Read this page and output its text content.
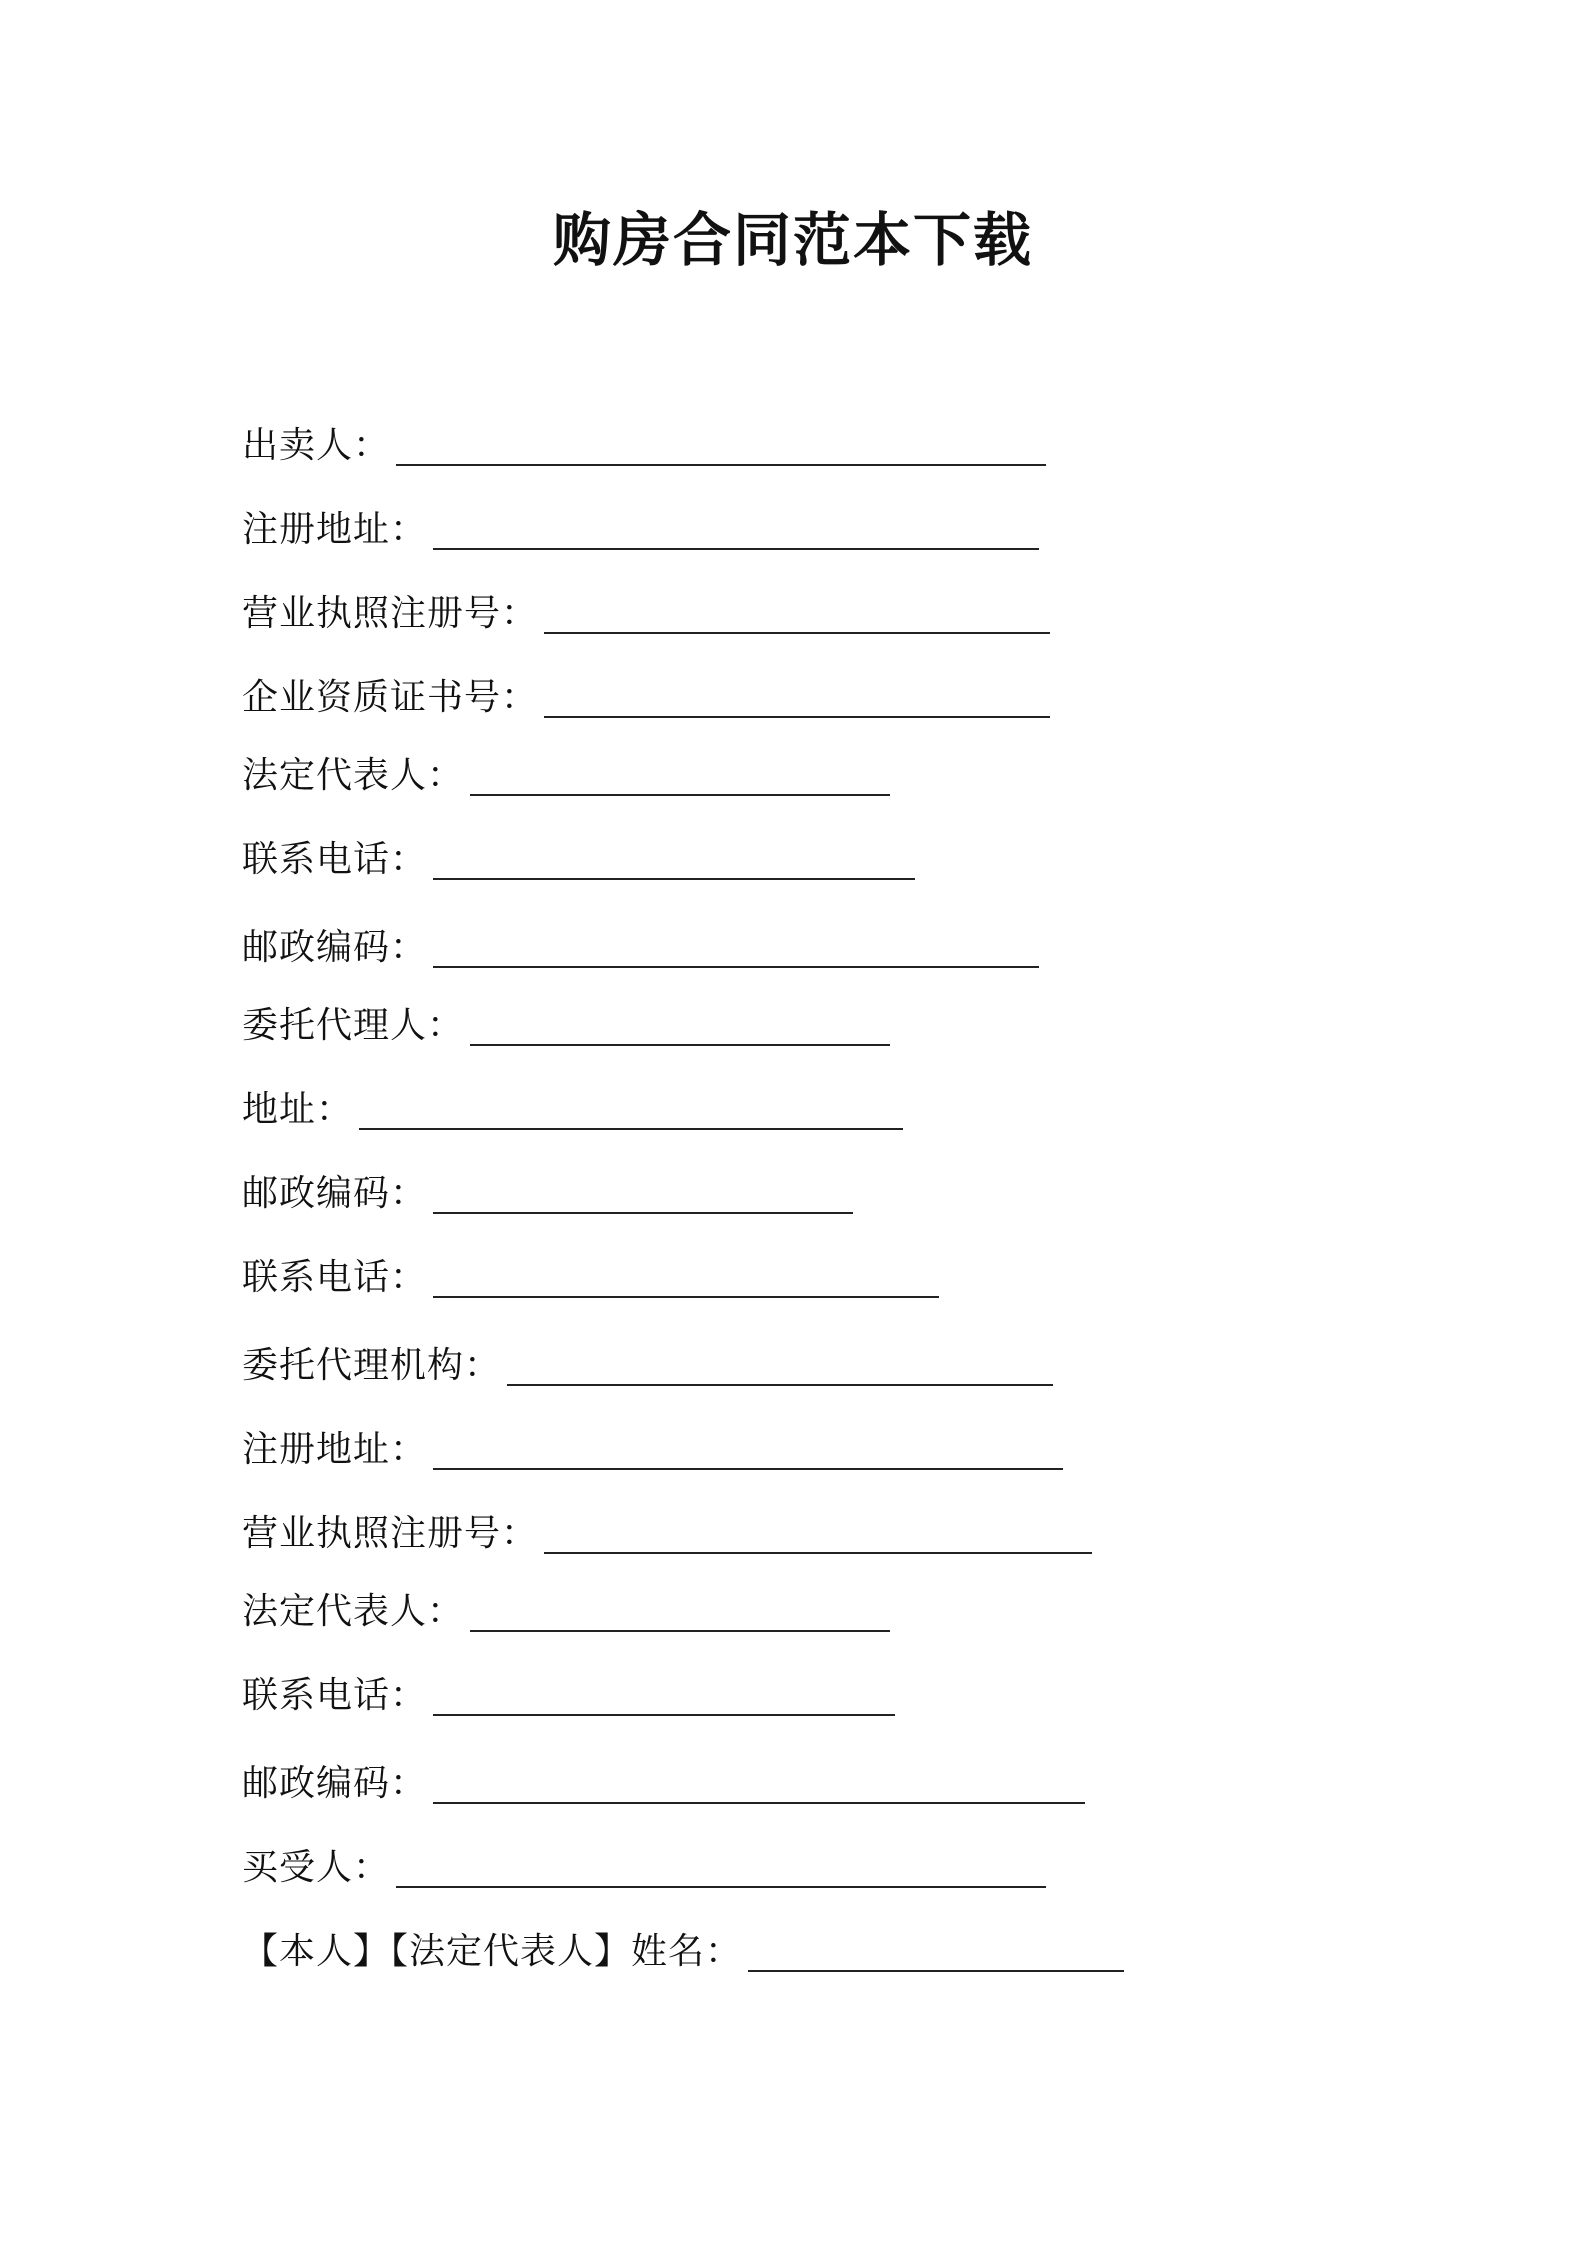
购房合同范本下载
出卖人：
注册地址：
营业执照注册号：
企业资质证书号：
法定代表人：
联系电话：
邮政编码：
委托代理人：
地址：
邮政编码：
联系电话：
委托代理机构：
注册地址：
营业执照注册号：
法定代表人：
联系电话：
邮政编码：
买受人：
【本人】【法定代表人】姓名：
